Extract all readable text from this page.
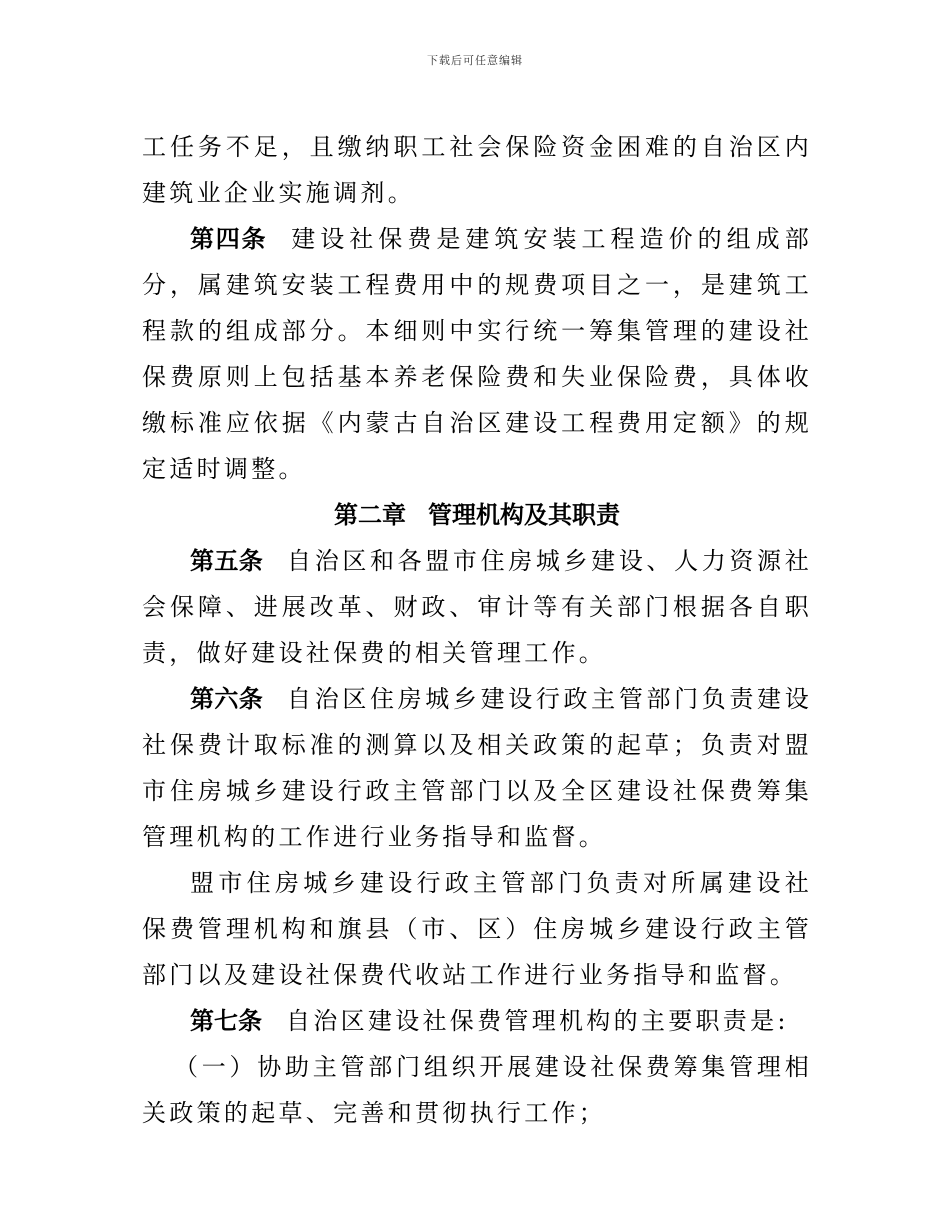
下载后可任意编辑

工任务不足，且缴纳职工社会保险资金困难的自治区内建筑业企业实施调剂。

第四条 建设社保费是建筑安装工程造价的组成部分，属建筑安装工程费用中的规费项目之一，是建筑工程款的组成部分。本细则中实行统一筹集管理的建设社保费原则上包括基本养老保险费和失业保险费，具体收缴标准应依据《内蒙古自治区建设工程费用定额》的规定适时调整。

第二章 管理机构及其职责

第五条 自治区和各盟市住房城乡建设、人力资源社会保障、进展改革、财政、审计等有关部门根据各自职责，做好建设社保费的相关管理工作。

第六条 自治区住房城乡建设行政主管部门负责建设社保费计取标准的测算以及相关政策的起草；负责对盟市住房城乡建设行政主管部门以及全区建设社保费筹集管理机构的工作进行业务指导和监督。

盟市住房城乡建设行政主管部门负责对所属建设社保费管理机构和旗县（市、区）住房城乡建设行政主管部门以及建设社保费代收站工作进行业务指导和监督。

第七条 自治区建设社保费管理机构的主要职责是:

（一）协助主管部门组织开展建设社保费筹集管理相关政策的起草、完善和贯彻执行工作；
